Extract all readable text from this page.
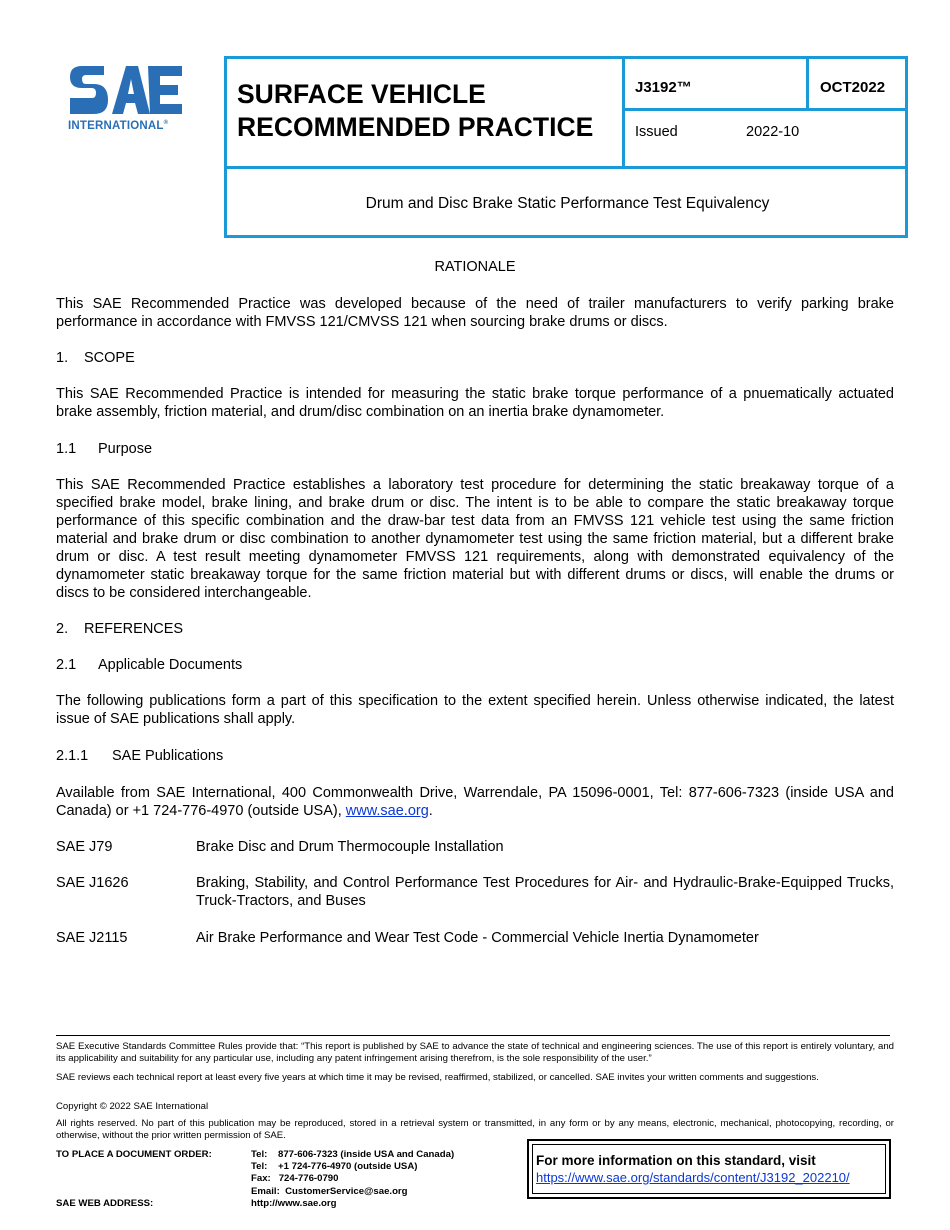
INTERNATIONAL®
SURFACE VEHICLE
RECOMMENDED PRACTICE
J3192™	OCT2022
Issued	2022-10
Drum and Disc Brake Static Performance Test Equivalency
RATIONALE
This SAE Recommended Practice was developed because of the need of trailer manufacturers to verify parking brake performance in accordance with FMVSS 121/CMVSS 121 when sourcing brake drums or discs.
1. SCOPE
This SAE Recommended Practice is intended for measuring the static brake torque performance of a pnuematically actuated brake assembly, friction material, and drum/disc combination on an inertia brake dynamometer.
1.1 Purpose
This SAE Recommended Practice establishes a laboratory test procedure for determining the static breakaway torque of a specified brake model, brake lining, and brake drum or disc. The intent is to be able to compare the static breakaway torque performance of this specific combination and the draw-bar test data from an FMVSS 121 vehicle test using the same friction material and brake drum or disc combination to another dynamometer test using the same friction material, but a different brake drum or disc. A test result meeting dynamometer FMVSS 121 requirements, along with demonstrated equivalency of the dynamometer static breakaway torque for the same friction material but with different drums or discs, will enable the drums or discs to be considered interchangeable.
2. REFERENCES
2.1 Applicable Documents
The following publications form a part of this specification to the extent specified herein. Unless otherwise indicated, the latest issue of SAE publications shall apply.
2.1.1 SAE Publications
Available from SAE International, 400 Commonwealth Drive, Warrendale, PA 15096-0001, Tel: 877-606-7323 (inside USA and Canada) or +1 724-776-4970 (outside USA), www.sae.org.
SAE J79	Brake Disc and Drum Thermocouple Installation
SAE J1626	Braking, Stability, and Control Performance Test Procedures for Air- and Hydraulic-Brake-Equipped Trucks, Truck-Tractors, and Buses
SAE J2115	Air Brake Performance and Wear Test Code - Commercial Vehicle Inertia Dynamometer
SAE Executive Standards Committee Rules provide that: “This report is published by SAE to advance the state of technical and engineering sciences. The use of this report is entirely voluntary, and its applicability and suitability for any particular use, including any patent infringement arising therefrom, is the sole responsibility of the user.”
SAE reviews each technical report at least every five years at which time it may be revised, reaffirmed, stabilized, or cancelled. SAE invites your written comments and suggestions.
Copyright © 2022 SAE International
All rights reserved. No part of this publication may be reproduced, stored in a retrieval system or transmitted, in any form or by any means, electronic, mechanical, photocopying, recording, or otherwise, without the prior written permission of SAE.
TO PLACE A DOCUMENT ORDER:	Tel:    877-606-7323 (inside USA and Canada)
Tel:    +1 724-776-4970 (outside USA)
Fax:   724-776-0790
Email:  CustomerService@sae.org
SAE WEB ADDRESS:	http://www.sae.org
For more information on this standard, visit
https://www.sae.org/standards/content/J3192_202210/
